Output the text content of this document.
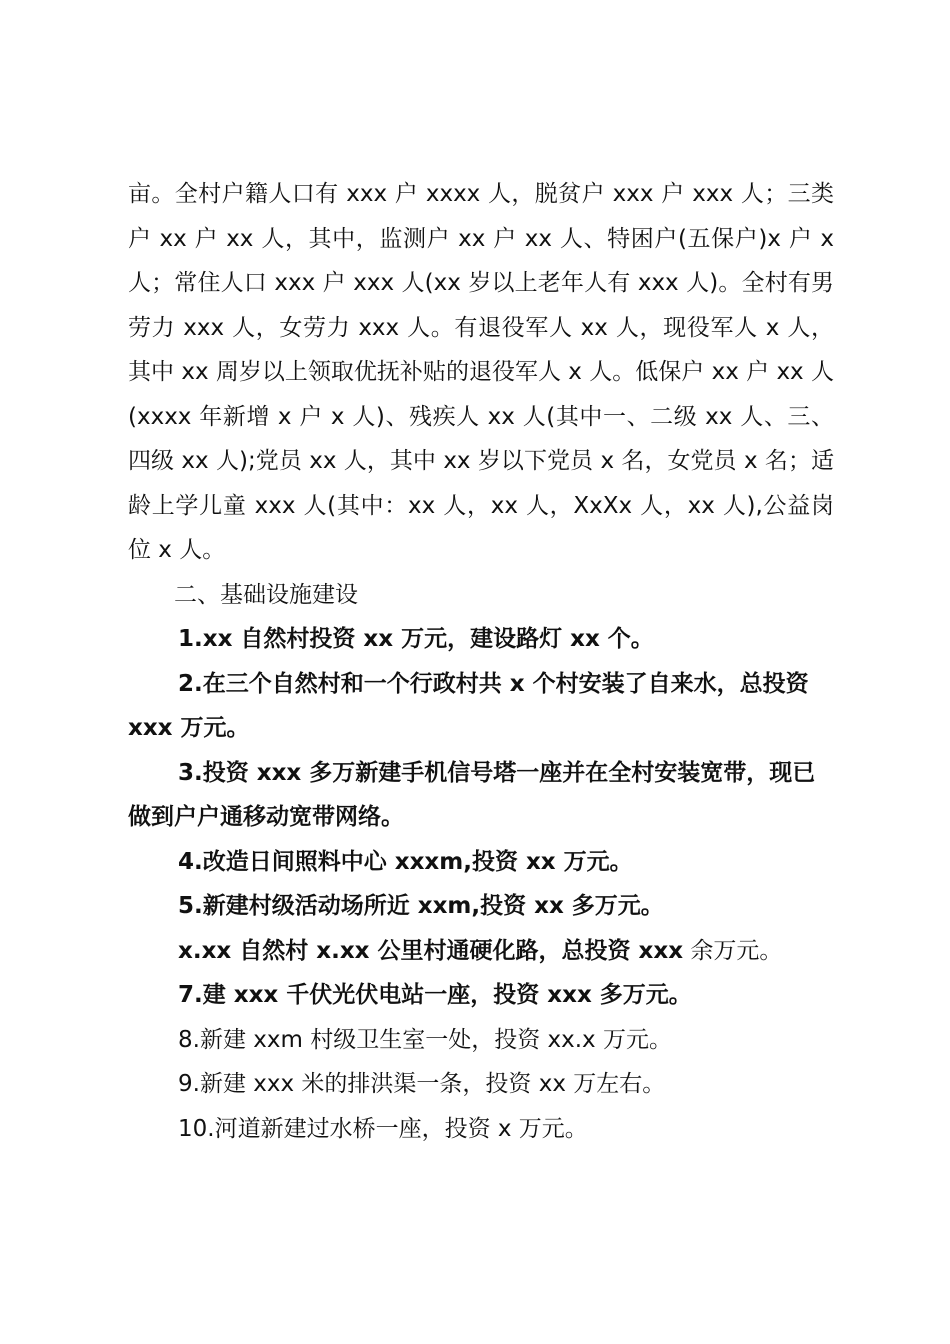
亩。全村户籍人口有 xxx 户 xxxx 人，脱贫户 xxx 户 xxx 人；三类户 xx 户 xx 人，其中，监测户 xx 户 xx 人、特困户(五保户)x 户 x 人；常住人口 xxx 户 xxx 人(xx 岁以上老年人有 xxx 人)。全村有男劳力 xxx 人，女劳力 xxx 人。有退役军人 xx 人，现役军人 x 人，其中 xx 周岁以上领取优抚补贴的退役军人 x 人。低保户 xx 户 xx 人(xxxx 年新增 x 户 x 人)、残疾人 xx 人(其中一、二级 xx 人、三、四级 xx 人);党员 xx 人，其中 xx 岁以下党员 x 名，女党员 x 名；适龄上学儿童 xxx 人(其中：xx 人，xx 人，XxXx 人，xx 人),公益岗位 x 人。

二、基础设施建设

1.xx 自然村投资 xx 万元，建设路灯 xx 个。

2.在三个自然村和一个行政村共 x 个村安装了自来水，总投资 xxx 万元。

3.投资 xxx 多万新建手机信号塔一座并在全村安装宽带，现已做到户户通移动宽带网络。

4.改造日间照料中心 xxxm,投资 xx 万元。

5.新建村级活动场所近 xxm,投资 xx 多万元。

x.xx 自然村 x.xx 公里村通硬化路，总投资 xxx 余万元。

7.建 xxx 千伏光伏电站一座，投资 xxx 多万元。

8.新建 xxm 村级卫生室一处，投资 xx.x 万元。

9.新建 xxx 米的排洪渠一条，投资 xx 万左右。

10.河道新建过水桥一座，投资 x 万元。
